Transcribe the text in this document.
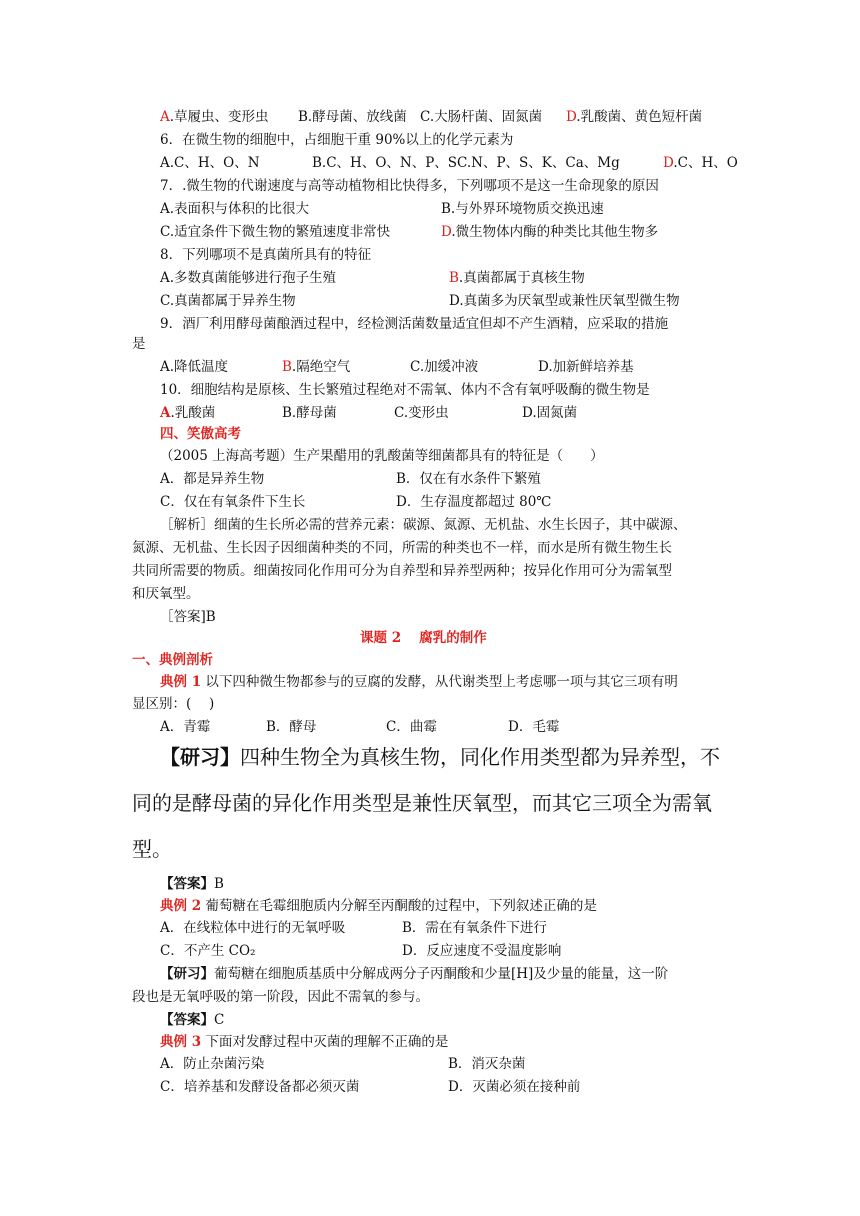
A.草履虫、变形虫 B.酵母菌、放线菌 C.大肠杆菌、固氮菌 D.乳酸菌、黄色短杆菌
6．在微生物的细胞中，占细胞干重 90%以上的化学元素为
A.C、H、O、N	B.C、H、O、N、P、SC.N、P、S、K、Ca、Mg	D.C、H、O
7．.微生物的代谢速度与高等动植物相比快得多，下列哪项不是这一生命现象的原因
A.表面积与体积的比很大	B.与外界环境物质交换迅速
C.适宜条件下微生物的繁殖速度非常快	D.微生物体内酶的种类比其他生物多
8．下列哪项不是真菌所具有的特征
A.多数真菌能够进行孢子生殖	B.真菌都属于真核生物
C.真菌都属于异养生物	D.真菌多为厌氧型或兼性厌氧型微生物
9．酒厂利用酵母菌酿酒过程中，经检测活菌数量适宜但却不产生酒精，应采取的措施
是
A.降低温度	B.隔绝空气	C.加缓冲液	D.加新鲜培养基
10．细胞结构是原核、生长繁殖过程绝对不需氧、体内不含有氧呼吸酶的微生物是
A.乳酸菌	B.酵母菌	C.变形虫	D.固氮菌
四、笑傲高考
（2005 上海高考题）生产果醋用的乳酸菌等细菌都具有的特征是（　　）
A．都是异养生物	B．仅在有水条件下繁殖
C．仅在有氧条件下生长	D．生存温度都超过 80℃
［解析］细菌的生长所必需的营养元素：碳源、氮源、无机盐、水生长因子，其中碳源、
氮源、无机盐、生长因子因细菌种类的不同，所需的种类也不一样，而水是所有微生物生长
共同所需要的物质。细菌按同化作用可分为自养型和异养型两种；按异化作用可分为需氧型
和厌氧型。
［答案]B
课题 2　 腐乳的制作
一、典例剖析
典例 1 以下四种微生物都参与的豆腐的发酵，从代谢类型上考虑哪一项与其它三项有明
显区别：(　 )
A．青霉	B．酵母	C．曲霉	D．毛霉
【研习】四种生物全为真核生物，同化作用类型都为异养型，不
同的是酵母菌的异化作用类型是兼性厌氧型，而其它三项全为需氧
型。
【答案】B
典例 2 葡萄糖在毛霉细胞质内分解至丙酮酸的过程中，下列叙述正确的是
A．在线粒体中进行的无氧呼吸	B．需在有氧条件下进行
C．不产生 CO₂	D．反应速度不受温度影响
【研习】葡萄糖在细胞质基质中分解成两分子丙酮酸和少量[H]及少量的能量，这一阶
段也是无氧呼吸的第一阶段，因此不需氧的参与。
【答案】C
典例 3 下面对发酵过程中灭菌的理解不正确的是
A．防止杂菌污染	B．消灭杂菌
C．培养基和发酵设备都必须灭菌	D．灭菌必须在接种前
